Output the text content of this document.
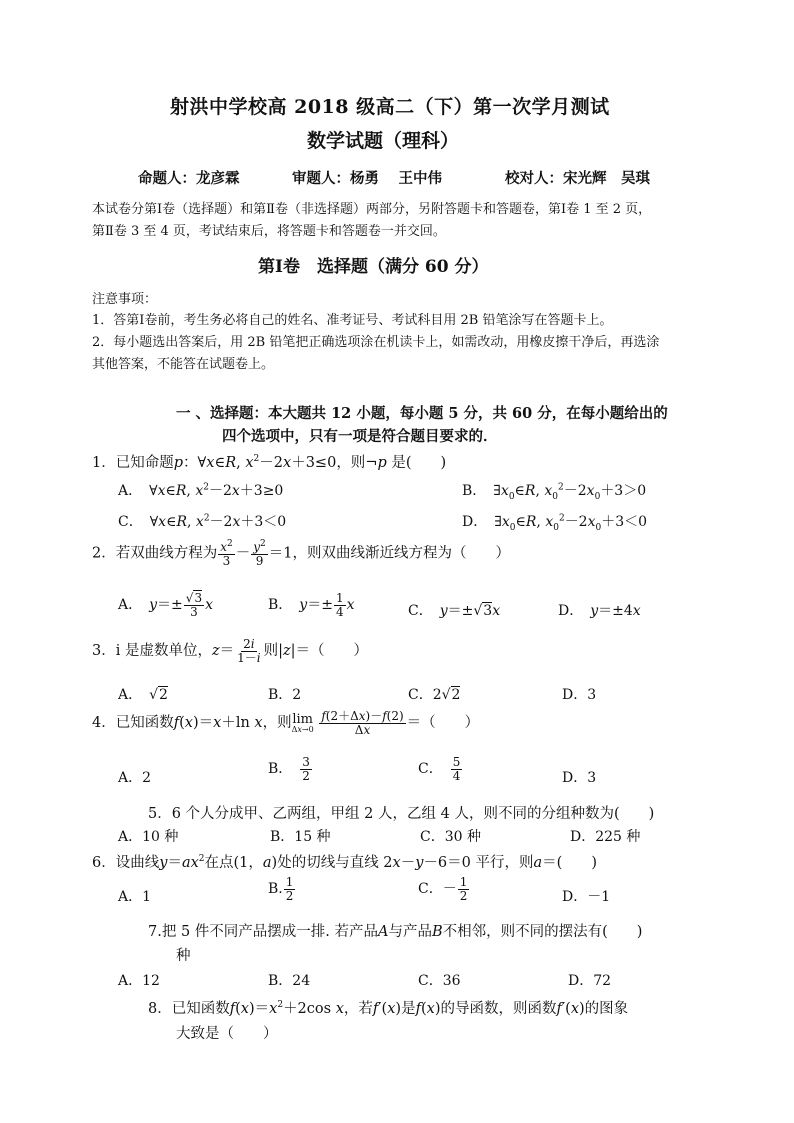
射洪中学校高 2018 级高二（下）第一次学月测试
数学试题（理科）
命题人：龙彦霖	审题人：杨勇　 王中伟	校对人：宋光辉　吴琪
本试卷分第Ⅰ卷（选择题）和第Ⅱ卷（非选择题）两部分，另附答题卡和答题卷，第Ⅰ卷 1 至 2 页，
第Ⅱ卷 3 至 4 页，考试结束后，将答题卡和答题卷一并交回。
第Ⅰ卷　选择题（满分 60 分）
注意事项：
1．答第Ⅰ卷前，考生务必将自己的姓名、准考证号、考试科目用 2B 铅笔涂写在答题卡上。
2．每小题选出答案后，用 2B 铅笔把正确选项涂在机读卡上，如需改动，用橡皮擦干净后，再选涂
其他答案，不能答在试题卷上。
一 、选择题：本大题共 12 小题，每小题 5 分，共 60 分，在每小题给出的
四个选项中，只有一项是符合题目要求的．
1．已知命题p：∀x∈R, $x^2-2x+3\le 0$，则¬p 是(　　)
A．　∀x∈R, $x^2-2x+3\ge 0$	B．　$\exists x_0\in R$, $x_0^2-2x_0+3>0$
C．　∀x∈R, $x^2-2x+3<0$	D．　$\exists x_0\in R$, $x_0^2-2x_0+3<0$
2．若双曲线方程为 $\frac{x^2}{3} - \frac{y^2}{9} =1$，则双曲线渐近线方程为（　　）
A．　 $y=\pm \frac{√3}{3}$ x	B．　 $y=\pm \frac{1}{4}$ x	C．　 y＝±√3x	D．　 y＝±4x
3．i 是虚数单位，$z= \frac{2i}{1-i}$ 则|z|＝（　　）
A．　√2	B．2	C．2√2	D．3
4．已知函数f(x)＝x＋ln x，则 lim
Δx→0
$\frac{f(2+\Delta x)-f(2)}{\Delta x}$ ＝（　　）
A．2
B．　 $\frac{3}{2}$	C．　 $\frac{5}{4}$	D．3
5．6 个人分成甲、乙两组，甲组 2 人，乙组 4 人，则不同的分组种数为(　　)
A．10 种	B．15 种	C．30 种	D．225 种
6．设曲线$y=ax^2$在点(1，a)处的切线与直线 2x－y－6＝0 平行，则a＝(　　)
A．1	B. $\frac{1}{2}$	C．－ $\frac{1}{2}$	D．－1
7.把 5 件不同产品摆成一排. 若产品A与产品B不相邻，则不同的摆法有(　　)
种
A．12	B．24	C．36	D．72
8．已知函数$f(x)=x^2+2\cos$ x，若f′(x)是f(x)的导函数，则函数f′(x)的图象
大致是（　　）
